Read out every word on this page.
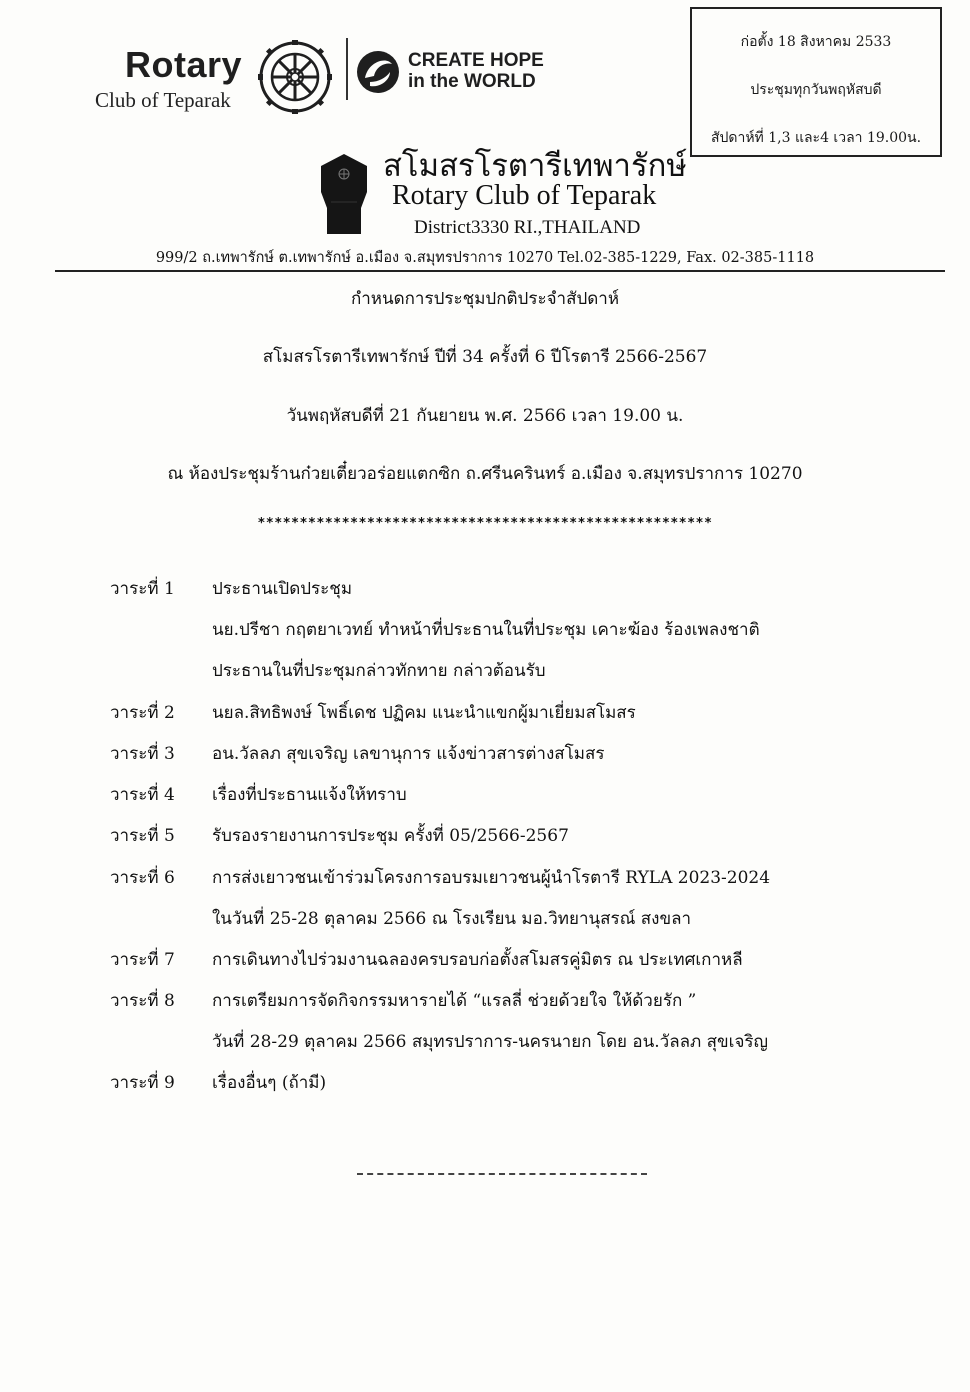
Rotary
Club of Teparak
CREATE HOPE
in the WORLD
ก่อตั้ง 18 สิงหาคม 2533
ประชุมทุกวันพฤหัสบดี
สัปดาห์ที่ 1,3 และ4 เวลา 19.00น.
สโมสรโรตารีเทพารักษ์
Rotary Club of Teparak
District3330 RI.,THAILAND
999/2 ถ.เทพารักษ์ ต.เทพารักษ์ อ.เมือง จ.สมุทรปราการ 10270 Tel.02-385-1229, Fax. 02-385-1118
กำหนดการประชุมปกติประจำสัปดาห์
สโมสรโรตารีเทพารักษ์ ปีที่ 34 ครั้งที่ 6 ปีโรตารี 2566-2567
วันพฤหัสบดีที่ 21 กันยายน พ.ศ. 2566 เวลา 19.00 น.
ณ ห้องประชุมร้านก๋วยเตี๋ยวอร่อยแตกซิก ถ.ศรีนครินทร์ อ.เมือง จ.สมุทรปราการ 10270
******************************************************
วาระที่ 1 ประธานเปิดประชุม
นย.ปรีชา กฤตยาเวทย์ ทำหน้าที่ประธานในที่ประชุม เคาะฆ้อง ร้องเพลงชาติ
ประธานในที่ประชุมกล่าวทักทาย กล่าวต้อนรับ
วาระที่ 2 นยล.สิทธิพงษ์ โพธิ์เดช ปฏิคม แนะนำแขกผู้มาเยี่ยมสโมสร
วาระที่ 3 อน.วัลลภ สุขเจริญ เลขานุการ แจ้งข่าวสารต่างสโมสร
วาระที่ 4 เรื่องที่ประธานแจ้งให้ทราบ
วาระที่ 5 รับรองรายงานการประชุม ครั้งที่ 05/2566-2567
วาระที่ 6 การส่งเยาวชนเข้าร่วมโครงการอบรมเยาวชนผู้นำโรตารี RYLA 2023-2024
ในวันที่ 25-28 ตุลาคม 2566 ณ โรงเรียน มอ.วิทยานุสรณ์ สงขลา
วาระที่ 7 การเดินทางไปร่วมงานฉลองครบรอบก่อตั้งสโมสรคู่มิตร ณ ประเทศเกาหลี
วาระที่ 8 การเตรียมการจัดกิจกรรมหารายได้ “แรลลี่ ช่วยด้วยใจ ให้ด้วยรัก ”
วันที่ 28-29 ตุลาคม 2566 สมุทรปราการ-นครนายก โดย อน.วัลลภ สุขเจริญ
วาระที่ 9 เรื่องอื่นๆ (ถ้ามี)
